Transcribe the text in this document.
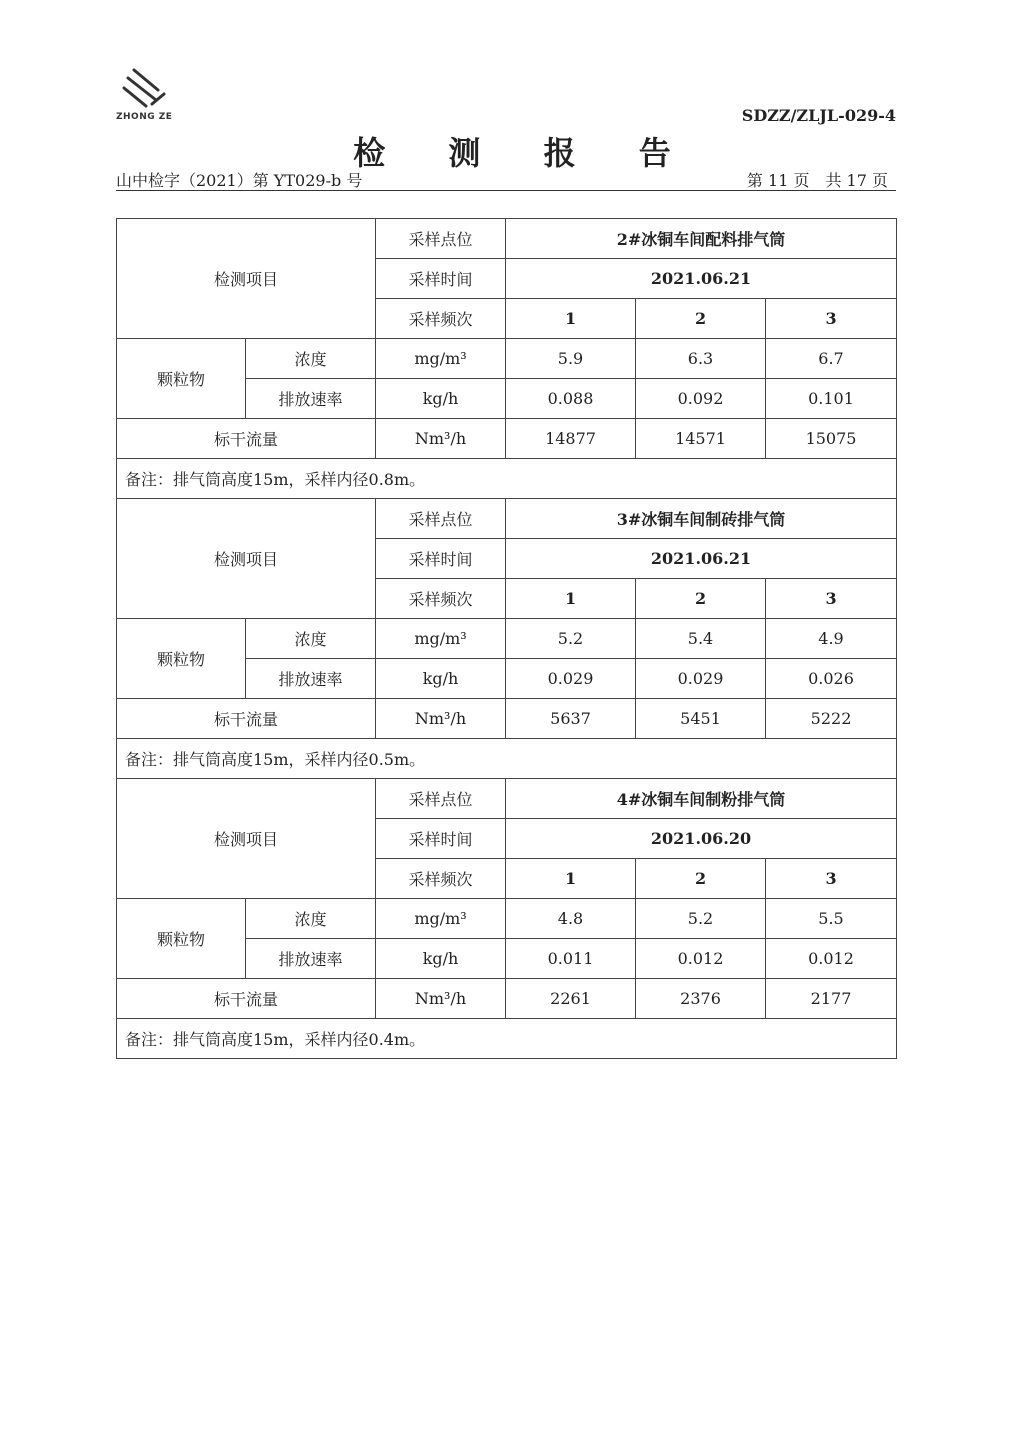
ZHONG ZE	SDZZ/ZLJL-029-4
检 测 报 告
山中检字（2021）第 YT029-b 号	第 11 页　共 17 页
检测项目		采样点位	2#冰铜车间配料排气筒		
		采样时间	2021.06.21		
		采样频次	1	2	3
颗粒物	浓度	mg/m³	5.9	6.3	6.7
	排放速率	kg/h	0.088	0.092	0.101
标干流量		Nm³/h	14877	14571	15075
备注：排气筒高度15m，采样内径0.8m。					
检测项目		采样点位	3#冰铜车间制砖排气筒		
		采样时间	2021.06.21		
		采样频次	1	2	3
颗粒物	浓度	mg/m³	5.2	5.4	4.9
	排放速率	kg/h	0.029	0.029	0.026
标干流量		Nm³/h	5637	5451	5222
备注：排气筒高度15m，采样内径0.5m。					
检测项目		采样点位	4#冰铜车间制粉排气筒		
		采样时间	2021.06.20		
		采样频次	1	2	3
颗粒物	浓度	mg/m³	4.8	5.2	5.5
	排放速率	kg/h	0.011	0.012	0.012
标干流量		Nm³/h	2261	2376	2177
备注：排气筒高度15m，采样内径0.4m。					
